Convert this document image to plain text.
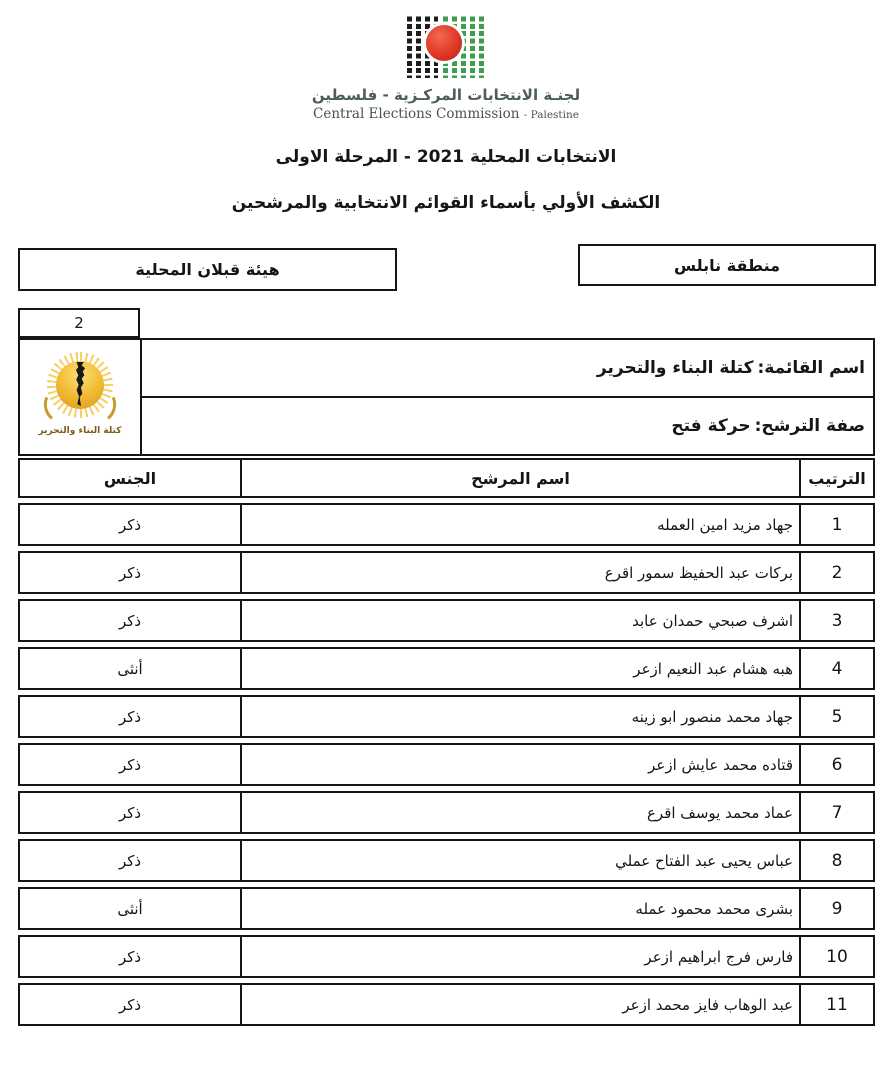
لجنـة الانتخابات المركـزية - فلسطين
Central Elections Commission - Palestine
الانتخابات المحلية 2021 - المرحلة الاولى
الكشف الأولي بأسماء القوائم الانتخابية والمرشحين
منطقة نابلس
هيئة قبلان المحلية
2
كتلة البناء والتحرير
اسم القائمة:
كتلة البناء والتحرير
صفة الترشح:
حركة فتح
الترتيب	اسم المرشح	الجنس
1	جهاد مزيد امين العمله	ذكر
2	بركات عبد الحفيظ سمور اقرع	ذكر
3	اشرف صبحي حمدان عابد	ذكر
4	هبه هشام عبد النعيم ازعر	أنثى
5	جهاد محمد منصور ابو زينه	ذكر
6	قتاده محمد عايش ازعر	ذكر
7	عماد محمد يوسف اقرع	ذكر
8	عباس يحيى عبد الفتاح عملي	ذكر
9	بشرى محمد محمود عمله	أنثى
10	فارس فرج ابراهيم ازعر	ذكر
11	عبد الوهاب فايز محمد ازعر	ذكر
